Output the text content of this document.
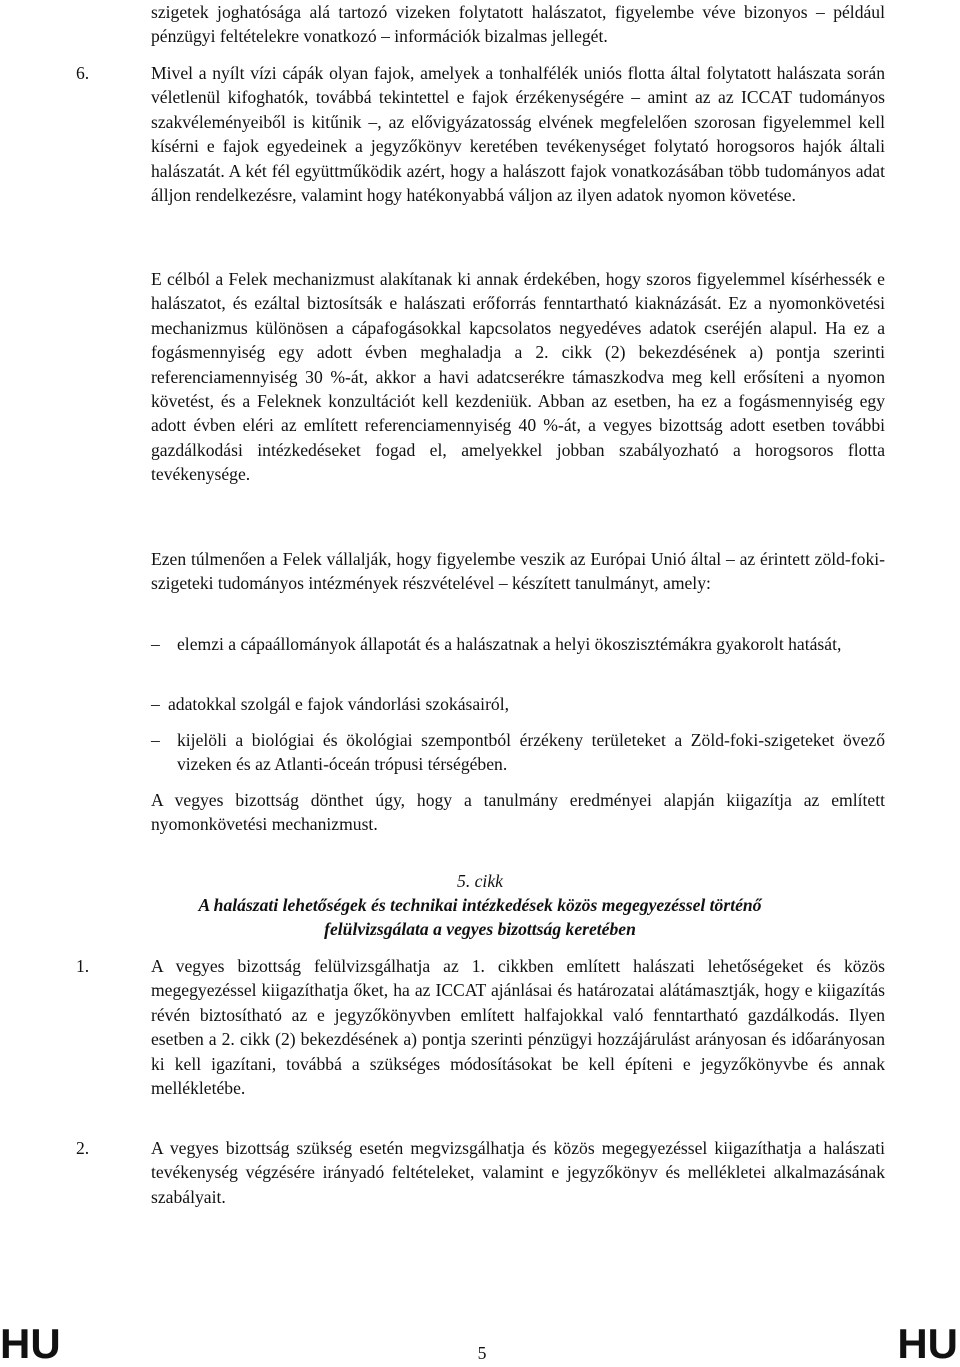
szigetek joghatósága alá tartozó vizeken folytatott halászatot, figyelembe véve bizonyos – például pénzügyi feltételekre vonatkozó – információk bizalmas jellegét.

6.	Mivel a nyílt vízi cápák olyan fajok, amelyek a tonhalfélék uniós flotta által folytatott halászata során véletlenül kifoghatók, továbbá tekintettel e fajok érzékenységére – amint az az ICCAT tudományos szakvéleményeiből is kitűnik –, az elővigyázatosság elvének megfelelően szorosan figyelemmel kell kísérni e fajok egyedeinek a jegyzőkönyv keretében tevékenységet folytató horogsoros hajók általi halászatát. A két fél együttműködik azért, hogy a halászott fajok vonatkozásában több tudományos adat álljon rendelkezésre, valamint hogy hatékonyabbá váljon az ilyen adatok nyomon követése.

E célból a Felek mechanizmust alakítanak ki annak érdekében, hogy szoros figyelemmel kísérhessék e halászatot, és ezáltal biztosítsák e halászati erőforrás fenntartható kiaknázását. Ez a nyomonkövetési mechanizmus különösen a cápafogásokkal kapcsolatos negyedéves adatok cseréjén alapul. Ha ez a fogásmennyiség egy adott évben meghaladja a 2. cikk (2) bekezdésének a) pontja szerinti referenciamennyiség 30 %-át, akkor a havi adatcserékre támaszkodva meg kell erősíteni a nyomon követést, és a Feleknek konzultációt kell kezdeniük. Abban az esetben, ha ez a fogásmennyiség egy adott évben eléri az említett referenciamennyiség 40 %-át, a vegyes bizottság adott esetben további gazdálkodási intézkedéseket fogad el, amelyekkel jobban szabályozható a horogsoros flotta tevékenysége.

Ezen túlmenően a Felek vállalják, hogy figyelembe veszik az Európai Unió által – az érintett zöld-foki-szigeteki tudományos intézmények részvételével – készített tanulmányt, amely:

– elemzi a cápaállományok állapotát és a halászatnak a helyi ökoszisztémákra gyakorolt hatását,

– adatokkal szolgál e fajok vándorlási szokásairól,

– kijelöli a biológiai és ökológiai szempontból érzékeny területeket a Zöld-foki-szigeteket övező vizeken és az Atlanti-óceán trópusi térségében.

A vegyes bizottság dönthet úgy, hogy a tanulmány eredményei alapján kiigazítja az említett nyomonkövetési mechanizmust.

5. cikk

A halászati lehetőségek és technikai intézkedések közös megegyezéssel történő

felülvizsgálata a vegyes bizottság keretében

1.	A vegyes bizottság felülvizsgálhatja az 1. cikkben említett halászati lehetőségeket és közös megegyezéssel kiigazíthatja őket, ha az ICCAT ajánlásai és határozatai alátámasztják, hogy e kiigazítás révén biztosítható az e jegyzőkönyvben említett halfajokkal való fenntartható gazdálkodás. Ilyen esetben a 2. cikk (2) bekezdésének a) pontja szerinti pénzügyi hozzájárulást arányosan és időarányosan ki kell igazítani, továbbá a szükséges módosításokat be kell építeni e jegyzőkönyvbe és annak mellékletébe.

2.	A vegyes bizottság szükség esetén megvizsgálhatja és közös megegyezéssel kiigazíthatja a halászati tevékenység végzésére irányadó feltételeket, valamint e jegyzőkönyv és mellékletei alkalmazásának szabályait.

HU	5	HU
